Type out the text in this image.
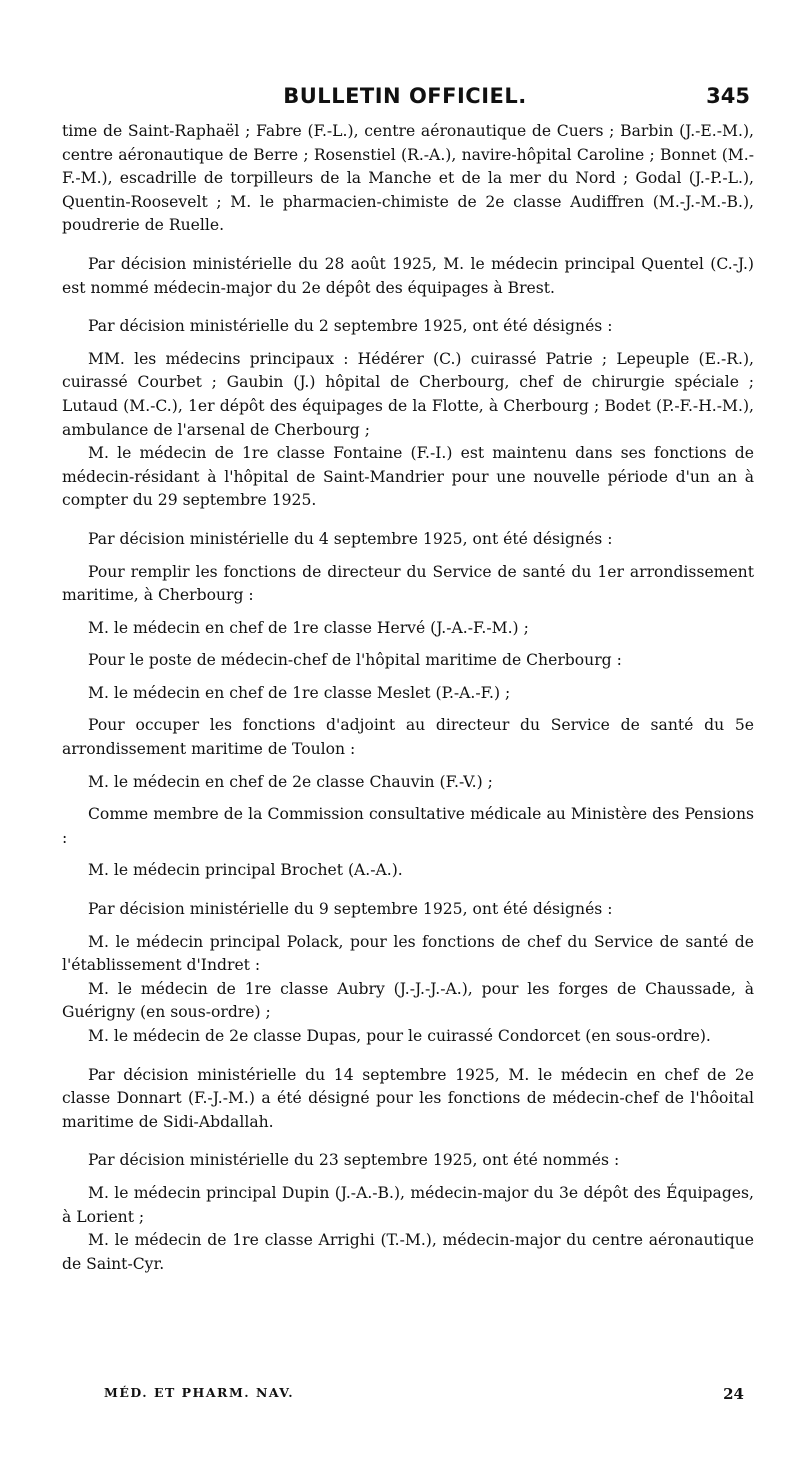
BULLETIN OFFICIEL.	345

time de Saint-Raphaël ; Fabre (F.-L.), centre aéronautique de Cuers ; Barbin (J.-E.-M.), centre aéronautique de Berre ; Rosenstiel (R.-A.), navire-hôpital Caroline ; Bonnet (M.-F.-M.), escadrille de torpilleurs de la Manche et de la mer du Nord ; Godal (J.-P.-L.), Quentin-Roosevelt ; M. le pharmacien-chimiste de 2e classe Audiffren (M.-J.-M.-B.), poudrerie de Ruelle.

Par décision ministérielle du 28 août 1925, M. le médecin principal Quentel (C.-J.) est nommé médecin-major du 2e dépôt des équipages à Brest.

Par décision ministérielle du 2 septembre 1925, ont été désignés :

MM. les médecins principaux : Hédérer (C.) cuirassé Patrie ; Lepeuple (E.-R.), cuirassé Courbet ; Gaubin (J.) hôpital de Cherbourg, chef de chirurgie spéciale ; Lutaud (M.-C.), 1er dépôt des équipages de la Flotte, à Cherbourg ; Bodet (P.-F.-H.-M.), ambulance de l'arsenal de Cherbourg ;

M. le médecin de 1re classe Fontaine (F.-I.) est maintenu dans ses fonctions de médecin-résidant à l'hôpital de Saint-Mandrier pour une nouvelle période d'un an à compter du 29 septembre 1925.

Par décision ministérielle du 4 septembre 1925, ont été désignés :

Pour remplir les fonctions de directeur du Service de santé du 1er arrondissement maritime, à Cherbourg :

M. le médecin en chef de 1re classe Hervé (J.-A.-F.-M.) ;

Pour le poste de médecin-chef de l'hôpital maritime de Cherbourg :

M. le médecin en chef de 1re classe Meslet (P.-A.-F.) ;

Pour occuper les fonctions d'adjoint au directeur du Service de santé du 5e arrondissement maritime de Toulon :

M. le médecin en chef de 2e classe Chauvin (F.-V.) ;

Comme membre de la Commission consultative médicale au Ministère des Pensions :

M. le médecin principal Brochet (A.-A.).

Par décision ministérielle du 9 septembre 1925, ont été désignés :

M. le médecin principal Polack, pour les fonctions de chef du Service de santé de l'établissement d'Indret :

M. le médecin de 1re classe Aubry (J.-J.-J.-A.), pour les forges de Chaussade, à Guérigny (en sous-ordre) ;

M. le médecin de 2e classe Dupas, pour le cuirassé Condorcet (en sous-ordre).

Par décision ministérielle du 14 septembre 1925, M. le médecin en chef de 2e classe Donnart (F.-J.-M.) a été désigné pour les fonctions de médecin-chef de l'hôoital maritime de Sidi-Abdallah.

Par décision ministérielle du 23 septembre 1925, ont été nommés :

M. le médecin principal Dupin (J.-A.-B.), médecin-major du 3e dépôt des Équipages, à Lorient ;

M. le médecin de 1re classe Arrighi (T.-M.), médecin-major du centre aéronautique de Saint-Cyr.

MÉD. ET PHARM. NAV.	24
